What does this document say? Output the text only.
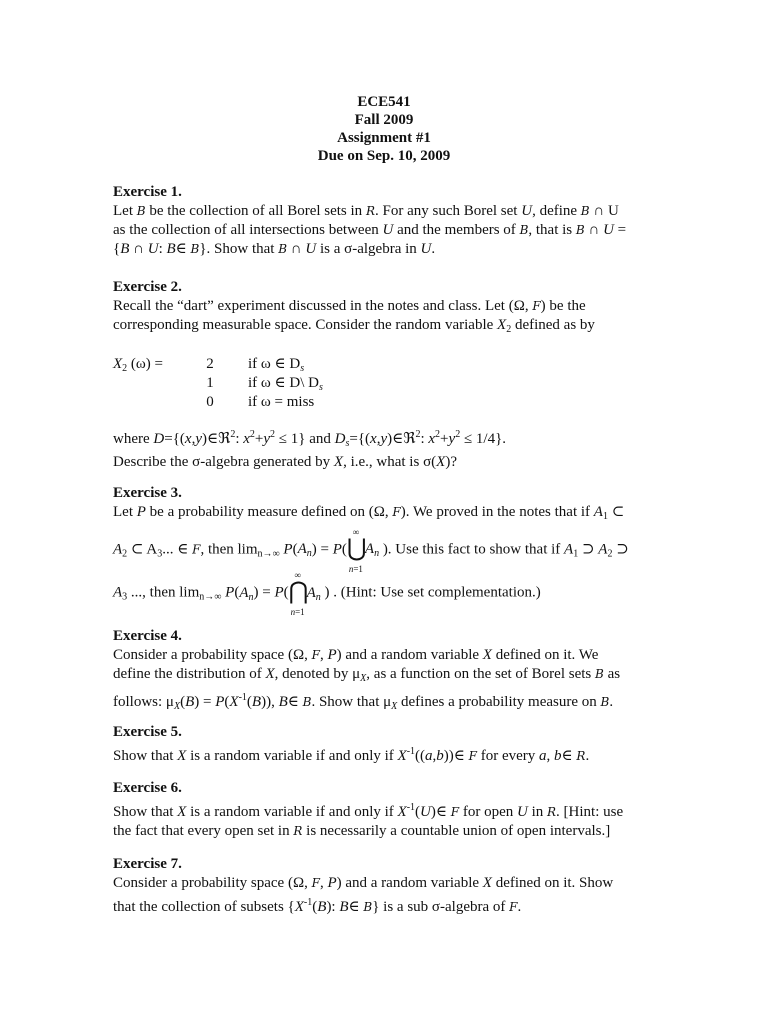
ECE541
Fall 2009
Assignment #1
Due on Sep. 10, 2009
Exercise 1.
Let B be the collection of all Borel sets in R. For any such Borel set U, define B ∩ U
as the collection of all intersections between U and the members of B, that is B ∩ U =
{B ∩ U: B∈ B}. Show that B ∩ U is a σ-algebra in U.
Exercise 2.
Recall the “dart” experiment discussed in the notes and class. Let (Ω, F) be the
corresponding measurable space. Consider the random variable $X_2$ defined as by
$X_2$ (ω) =	2 if ω ∈ $D_s$
1 if ω ∈ D\ $D_s$
0 if ω = miss
where D={(x,y)∈ℜ$^2$: $x^2+y^2 \le 1$} and $D_s=\{(x,y)\in ℜ^2$: $x^2+y^2 \le 1/4$}.
Describe the σ-algebra generated by X, i.e., what is σ(X)?
Exercise 3.
Let P be a probability measure defined on (Ω, F). We proved in the notes that if $A_1$ ⊂
$A_2$ ⊂ $A_3$... ∈ F, then $\lim_{n\to\infty} P(A_n) = P$(
∞
⋃
n=1
$A_n$ ). Use this fact to show that if $A_1$ ⊃ $A_2$ ⊃
$A_3$ ..., then $\lim_{n\to\infty} P(A_n) = P$(
∞
⋂
n=1
$A_n$ ) . (Hint: Use set complementation.)
Exercise 4.
Consider a probability space (Ω, F, P) and a random variable X defined on it. We
define the distribution of X, denoted by $\mu_X$, as a function on the set of Borel sets B as
follows: $\mu_X(B) = P(X^{-1}(B))$, B∈ B. Show that $\mu_X$ defines a probability measure on B.
Exercise 5.
Show that X is a random variable if and only if $X^{-1}((a,b))\in$ F for every a, b∈ R.
Exercise 6.
Show that X is a random variable if and only if $X^{-1}(U)\in$ F for open U in R. [Hint: use
the fact that every open set in R is necessarily a countable union of open intervals.]
Exercise 7.
Consider a probability space (Ω, F, P) and a random variable X defined on it. Show
that the collection of subsets {$X^{-1}(B)$: B∈ B} is a sub σ-algebra of F.
